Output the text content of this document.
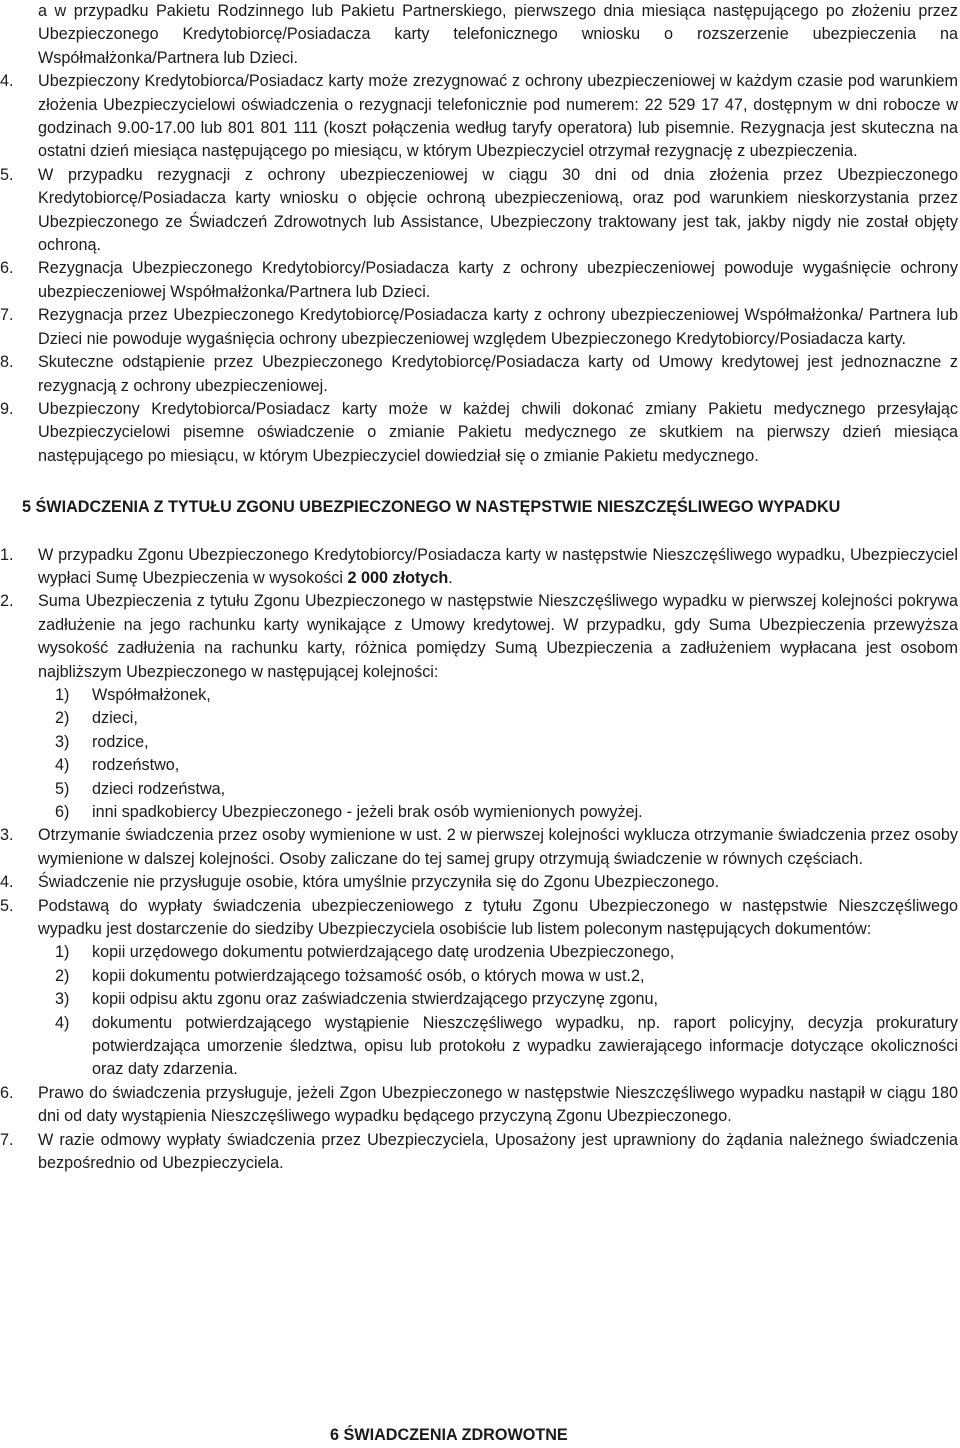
a w przypadku Pakietu Rodzinnego lub Pakietu Partnerskiego, pierwszego dnia miesiąca następującego po złożeniu przez Ubezpieczonego Kredytobiorcę/Posiadacza karty telefonicznego wniosku o rozszerzenie ubezpieczenia na Współmałżonka/Partnera lub Dzieci.

4.	Ubezpieczony Kredytobiorca/Posiadacz karty może zrezygnować z ochrony ubezpieczeniowej w każdym czasie pod warunkiem złożenia Ubezpieczycielowi oświadczenia o rezygnacji telefonicznie pod numerem: 22 529 17 47, dostępnym w dni robocze w godzinach 9.00-17.00 lub 801 801 111 (koszt połączenia według taryfy operatora) lub pisemnie. Rezygnacja jest skuteczna na ostatni dzień miesiąca następującego po miesiącu, w którym Ubezpieczyciel otrzymał rezygnację z ubezpieczenia.
5.	W przypadku rezygnacji z ochrony ubezpieczeniowej w ciągu 30 dni od dnia złożenia przez Ubezpieczonego Kredytobiorcę/Posiadacza karty wniosku o objęcie ochroną ubezpieczeniową, oraz pod warunkiem nieskorzystania przez Ubezpieczonego ze Świadczeń Zdrowotnych lub Assistance, Ubezpieczony traktowany jest tak, jakby nigdy nie został objęty ochroną.
6.	Rezygnacja Ubezpieczonego Kredytobiorcy/Posiadacza karty z ochrony ubezpieczeniowej powoduje wygaśnięcie ochrony ubezpieczeniowej Współmałżonka/Partnera lub Dzieci.
7.	Rezygnacja przez Ubezpieczonego Kredytobiorcę/Posiadacza karty z ochrony ubezpieczeniowej Współmałżonka/ Partnera lub Dzieci nie powoduje wygaśnięcia ochrony ubezpieczeniowej względem Ubezpieczonego Kredytobiorcy/Posiadacza karty.
8.	Skuteczne odstąpienie przez Ubezpieczonego Kredytobiorcę/Posiadacza karty od Umowy kredytowej jest jednoznaczne z rezygnacją z ochrony ubezpieczeniowej.
9.	Ubezpieczony Kredytobiorca/Posiadacz karty może w każdej chwili dokonać zmiany Pakietu medycznego przesyłając Ubezpieczycielowi pisemne oświadczenie o zmianie Pakietu medycznego ze skutkiem na pierwszy dzień miesiąca następującego po miesiącu, w którym Ubezpieczyciel dowiedział się o zmianie Pakietu medycznego.

5 ŚWIADCZENIA Z TYTUŁU ZGONU UBEZPIECZONEGO W NASTĘPSTWIE NIESZCZĘŚLIWEGO WYPADKU

1.	W przypadku Zgonu Ubezpieczonego Kredytobiorcy/Posiadacza karty w następstwie Nieszczęśliwego wypadku, Ubezpieczyciel wypłaci Sumę Ubezpieczenia w wysokości 2 000 złotych.
2.	Suma Ubezpieczenia z tytułu Zgonu Ubezpieczonego w następstwie Nieszczęśliwego wypadku w pierwszej kolejności pokrywa zadłużenie na jego rachunku karty wynikające z Umowy kredytowej. W przypadku, gdy Suma Ubezpieczenia przewyższa wysokość zadłużenia na rachunku karty, różnica pomiędzy Sumą Ubezpieczenia a zadłużeniem wypłacana jest osobom najbliższym Ubezpieczonego w następującej kolejności:
1) Współmałżonek,
2) dzieci,
3) rodzice,
4) rodzeństwo,
5) dzieci rodzeństwa,
6) inni spadkobiercy Ubezpieczonego - jeżeli brak osób wymienionych powyżej.
3.	Otrzymanie świadczenia przez osoby wymienione w ust. 2 w pierwszej kolejności wyklucza otrzymanie świadczenia przez osoby wymienione w dalszej kolejności. Osoby zaliczane do tej samej grupy otrzymują świadczenie w równych częściach.
4.	Świadczenie nie przysługuje osobie, która umyślnie przyczyniła się do Zgonu Ubezpieczonego.
5.	Podstawą do wypłaty świadczenia ubezpieczeniowego z tytułu Zgonu Ubezpieczonego w następstwie Nieszczęśliwego wypadku jest dostarczenie do siedziby Ubezpieczyciela osobiście lub listem poleconym następujących dokumentów:
1) kopii urzędowego dokumentu potwierdzającego datę urodzenia Ubezpieczonego,
2) kopii dokumentu potwierdzającego tożsamość osób, o których mowa w ust.2,
3) kopii odpisu aktu zgonu oraz zaświadczenia stwierdzającego przyczynę zgonu,
4) dokumentu potwierdzającego wystąpienie Nieszczęśliwego wypadku, np. raport policyjny, decyzja prokuratury potwierdzająca umorzenie śledztwa, opisu lub protokołu z wypadku zawierającego informacje dotyczące okoliczności oraz daty zdarzenia.
6.	Prawo do świadczenia przysługuje, jeżeli Zgon Ubezpieczonego w następstwie Nieszczęśliwego wypadku nastąpił w ciągu 180 dni od daty wystąpienia Nieszczęśliwego wypadku będącego przyczyną Zgonu Ubezpieczonego.
7.	W razie odmowy wypłaty świadczenia przez Ubezpieczyciela, Uposażony jest uprawniony do żądania należnego świadczenia bezpośrednio od Ubezpieczyciela.

6 ŚWIADCZENIA ZDROWOTNE
